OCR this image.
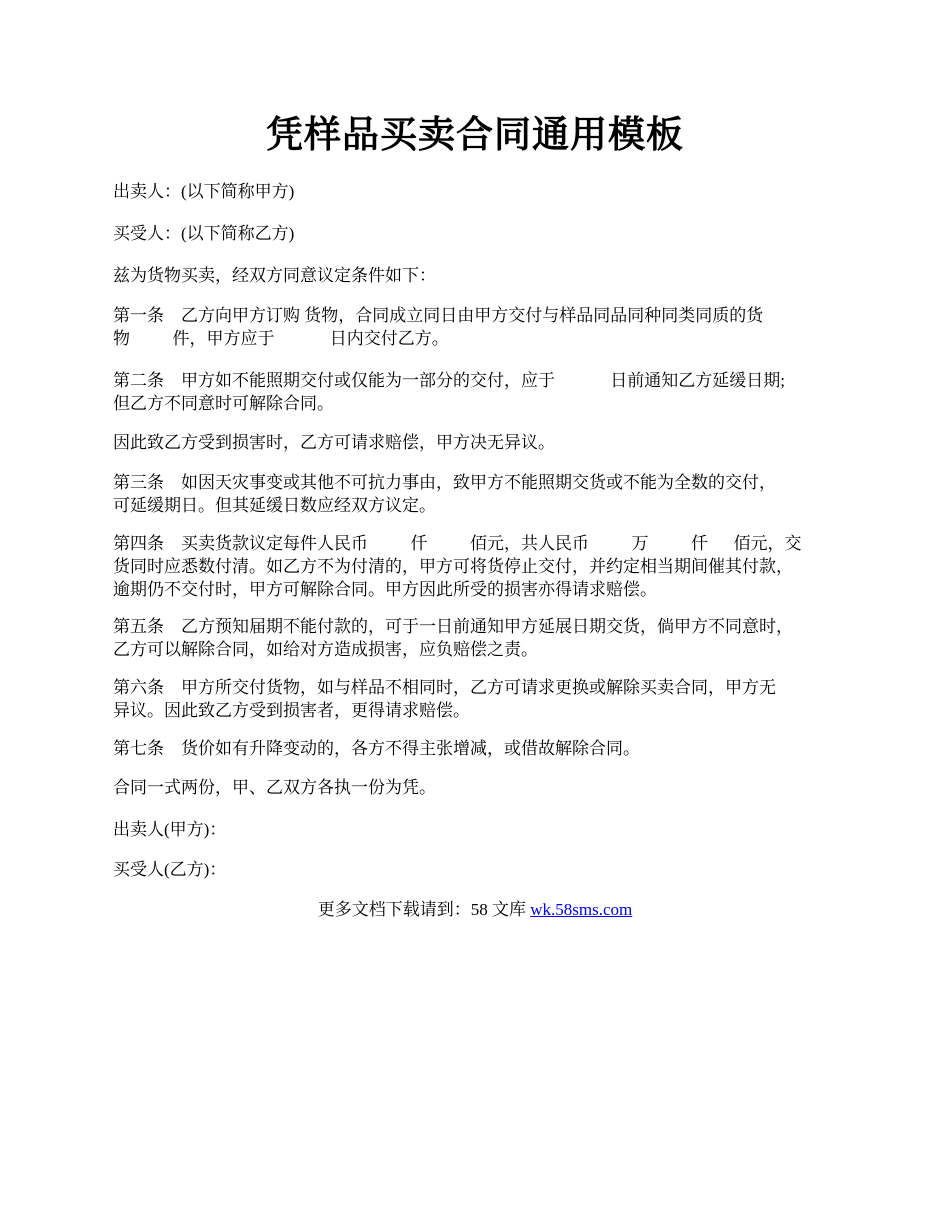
凭样品买卖合同通用模板

出卖人：(以下简称甲方)

买受人：(以下简称乙方)

兹为货物买卖，经双方同意议定条件如下：

第一条    乙方向甲方订购 货物，合同成立同日由甲方交付与样品同品同种同类同质的货
物          件，甲方应于             日内交付乙方。

第二条    甲方如不能照期交付或仅能为一部分的交付，应于             日前通知乙方延缓日期;
但乙方不同意时可解除合同。

因此致乙方受到损害时，乙方可请求赔偿，甲方决无异议。

第三条    如因天灾事变或其他不可抗力事由，致甲方不能照期交货或不能为全数的交付，
可延缓期日。但其延缓日数应经双方议定。

第四条    买卖货款议定每件人民币          仟          佰元，共人民币          万          仟      佰元，交
货同时应悉数付清。如乙方不为付清的，甲方可将货停止交付，并约定相当期间催其付款，
逾期仍不交付时，甲方可解除合同。甲方因此所受的损害亦得请求赔偿。

第五条    乙方预知届期不能付款的，可于一日前通知甲方延展日期交货，倘甲方不同意时，
乙方可以解除合同，如给对方造成损害，应负赔偿之责。

第六条    甲方所交付货物，如与样品不相同时，乙方可请求更换或解除买卖合同，甲方无
异议。因此致乙方受到损害者，更得请求赔偿。

第七条    货价如有升降变动的，各方不得主张增减，或借故解除合同。

合同一式两份，甲、乙双方各执一份为凭。

出卖人(甲方)：

买受人(乙方)：

更多文档下载请到：58 文库 wk.58sms.com
